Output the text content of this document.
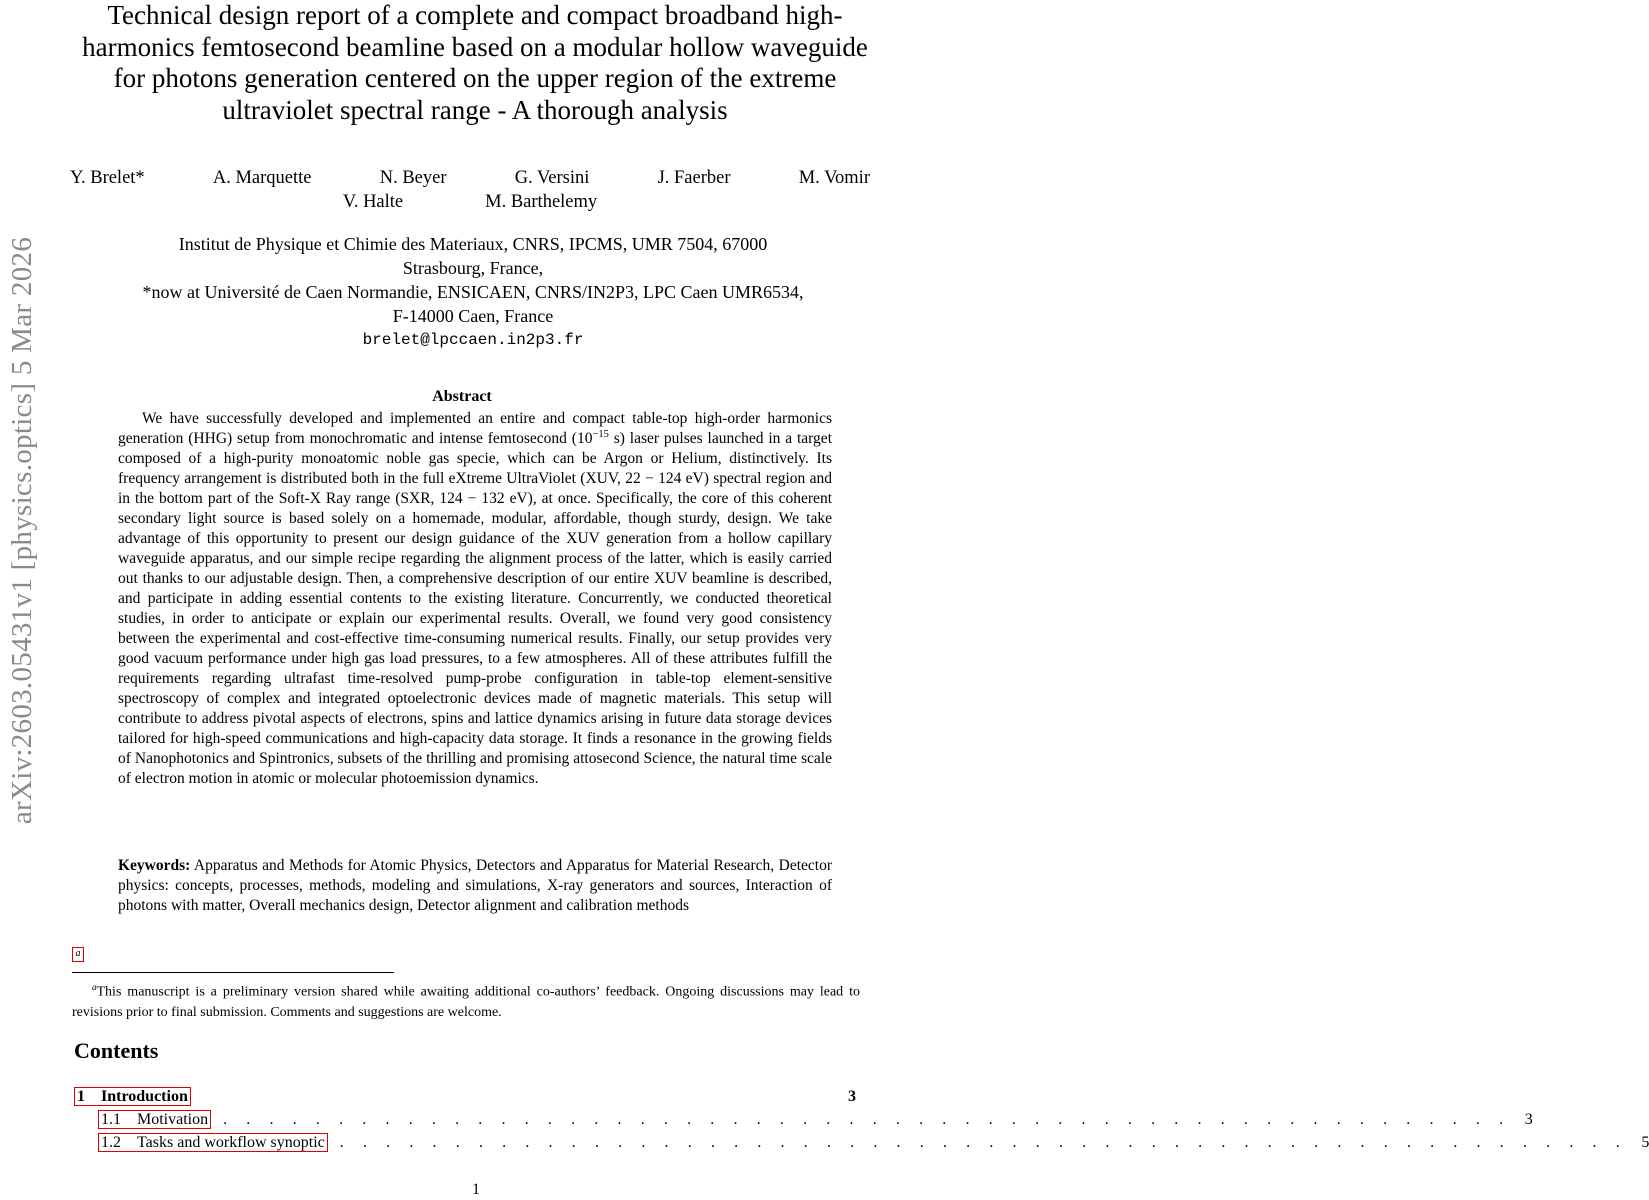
arXiv:2603.05431v1 [physics.optics] 5 Mar 2026
Technical design report of a complete and compact broadband high-harmonics femtosecond beamline based on a modular hollow waveguide for photons generation centered on the upper region of the extreme ultraviolet spectral range - A thorough analysis
Y. Brelet*	A. Marquette	N. Beyer	G. Versini	J. Faerber	M. Vomir
V. Halte	M. Barthelemy
Institut de Physique et Chimie des Materiaux, CNRS, IPCMS, UMR 7504, 67000
Strasbourg, France,
*now at Université de Caen Normandie, ENSICAEN, CNRS/IN2P3, LPC Caen UMR6534,
F-14000 Caen, France
brelet@lpccaen.in2p3.fr
Abstract

We have successfully developed and implemented an entire and compact table-top high-order harmonics generation (HHG) setup from monochromatic and intense femtosecond ($10^{-15}$ s) laser pulses launched in a target composed of a high-purity monoatomic noble gas specie, which can be Argon or Helium, distinctively. Its frequency arrangement is distributed both in the full eXtreme UltraViolet (XUV, 22 − 124 eV) spectral region and in the bottom part of the Soft-X Ray range (SXR, 124 − 132 eV), at once. Specifically, the core of this coherent secondary light source is based solely on a homemade, modular, affordable, though sturdy, design. We take advantage of this opportunity to present our design guidance of the XUV generation from a hollow capillary waveguide apparatus, and our simple recipe regarding the alignment process of the latter, which is easily carried out thanks to our adjustable design. Then, a comprehensive description of our entire XUV beamline is described, and participate in adding essential contents to the existing literature. Concurrently, we conducted theoretical studies, in order to anticipate or explain our experimental results. Overall, we found very good consistency between the experimental and cost-effective time-consuming numerical results. Finally, our setup provides very good vacuum performance under high gas load pressures, to a few atmospheres. All of these attributes fulfill the requirements regarding ultrafast time-resolved pump-probe configuration in table-top element-sensitive spectroscopy of complex and integrated optoelectronic devices made of magnetic materials. This setup will contribute to address pivotal aspects of electrons, spins and lattice dynamics arising in future data storage devices tailored for high-speed communications and high-capacity data storage. It finds a resonance in the growing fields of Nanophotonics and Spintronics, subsets of the thrilling and promising attosecond Science, the natural time scale of electron motion in atomic or molecular photoemission dynamics.

Keywords: Apparatus and Methods for Atomic Physics, Detectors and Apparatus for Material Research, Detector physics: concepts, processes, methods, modeling and simulations, X-ray generators and sources, Interaction of photons with matter, Overall mechanics design, Detector alignment and calibration methods

a

$^a$This manuscript is a preliminary version shared while awaiting additional co-authors’ feedback. Ongoing discussions may lead to revisions prior to final submission. Comments and suggestions are welcome.

Contents
1 Introduction	3
1.1 Motivation . . . . . . . . . . . . . . . . . . . . . . . . . . . . . . . . . . . . . . . . . . . . . . . . . . . . . . . . 3
1.2 Tasks and workflow synoptic . . . . . . . . . . . . . . . . . . . . . . . . . . . . . . . . . . . . . . . . . . . . . . . . . . . . . . . . 5
1
